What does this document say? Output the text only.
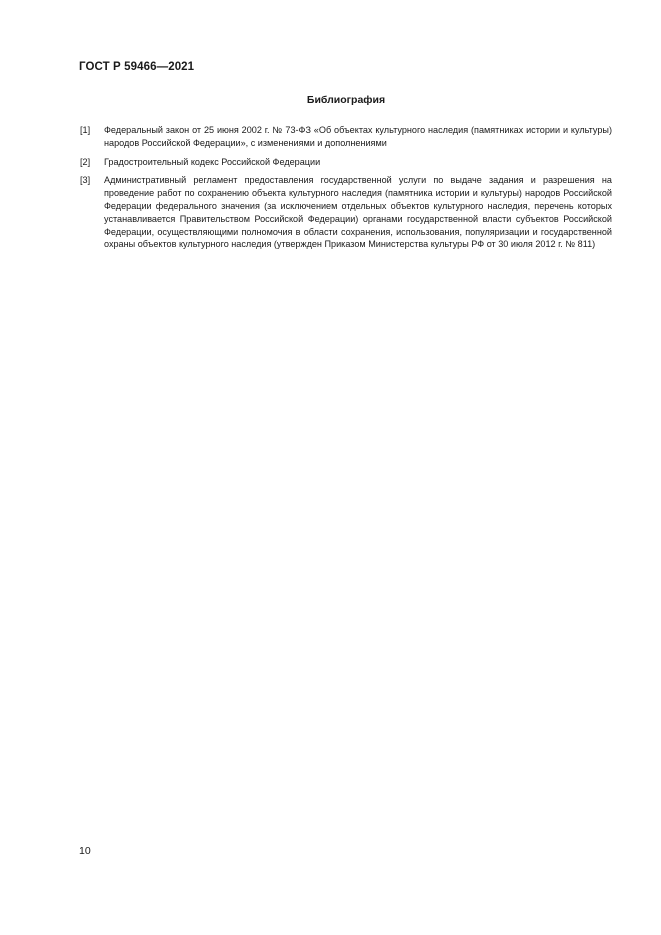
ГОСТ Р 59466—2021
Библиография
[1]	Федеральный закон от 25 июня 2002 г. № 73-ФЗ «Об объектах культурного наследия (памятниках истории и культуры) народов Российской Федерации», с изменениями и дополнениями
[2]	Градостроительный кодекс Российской Федерации
[3]	Административный регламент предоставления государственной услуги по выдаче задания и разрешения на проведение работ по сохранению объекта культурного наследия (памятника истории и культуры) народов Российской Федерации федерального значения (за исключением отдельных объектов культурного наследия, перечень которых устанавливается Правительством Российской Федерации) органами государственной власти субъектов Российской Федерации, осуществляющими полномочия в области сохранения, использования, популяризации и государственной охраны объектов культурного наследия (утвержден Приказом Министерства культуры РФ от 30 июля 2012 г. № 811)
10
